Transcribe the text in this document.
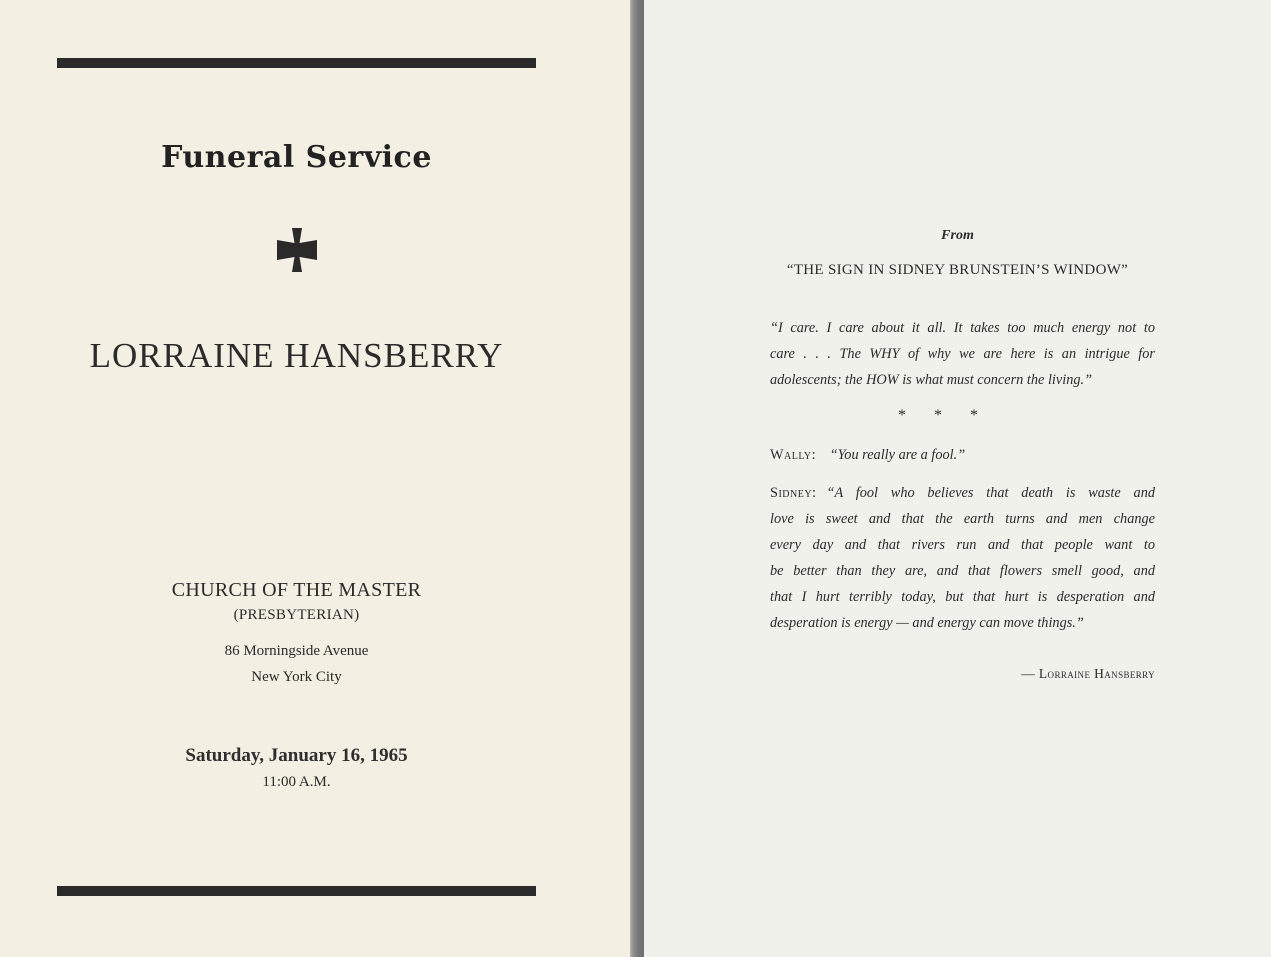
Funeral Service
LORRAINE HANSBERRY
CHURCH OF THE MASTER
(PRESBYTERIAN)
86 Morningside Avenue
New York City
Saturday, January 16, 1965
11:00 A.M.
From
“THE SIGN IN SIDNEY BRUNSTEIN’S WINDOW”
“I care. I care about it all. It takes too much energy not to
care . . . The WHY of why we are here is an intrigue for
adolescents; the HOW is what must concern the living.”
* * *
Wally: “You really are a fool.”
Sidney: “A fool who believes that death is waste and
love is sweet and that the earth turns and men change
every day and that rivers run and that people want to
be better than they are, and that flowers smell good, and
that I hurt terribly today, but that hurt is desperation and
desperation is energy — and energy can move things.”
— Lorraine Hansberry
